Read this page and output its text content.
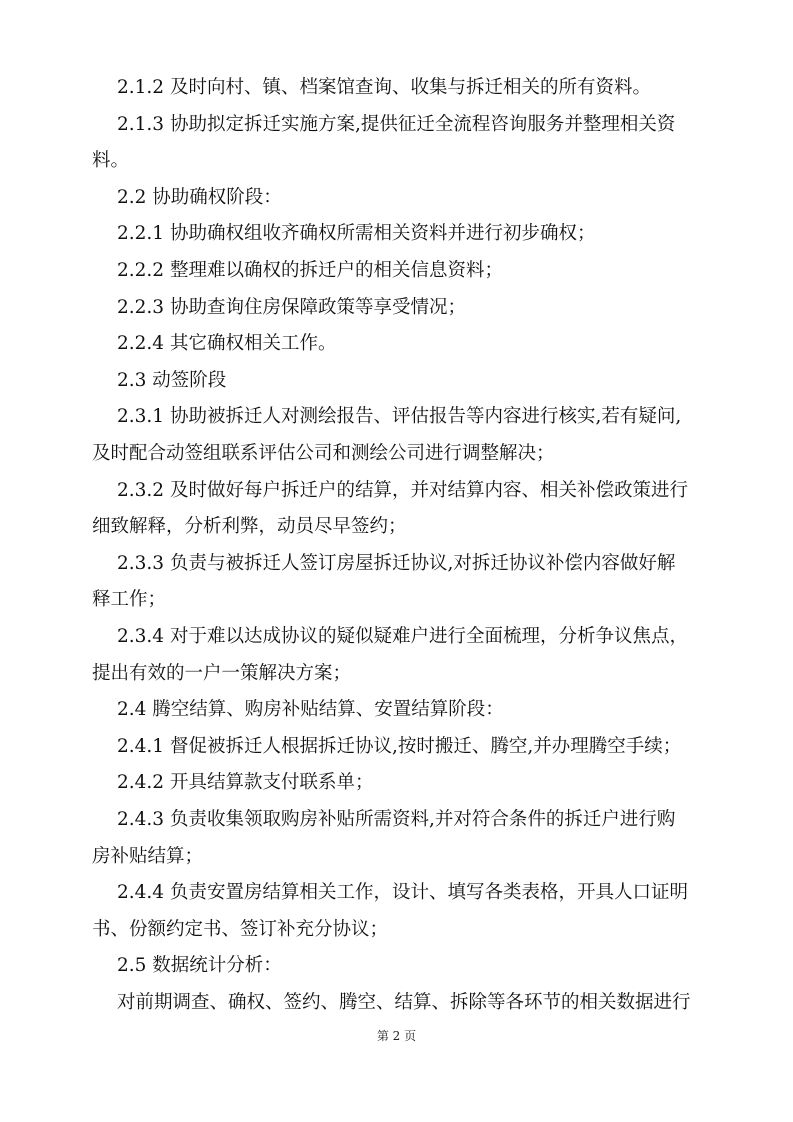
2.1.2 及时向村、镇、档案馆查询、收集与拆迁相关的所有资料。
2.1.3 协助拟定拆迁实施方案,提供征迁全流程咨询服务并整理相关资
料。
2.2 协助确权阶段：
2.2.1 协助确权组收齐确权所需相关资料并进行初步确权；
2.2.2 整理难以确权的拆迁户的相关信息资料；
2.2.3 协助查询住房保障政策等享受情况；
2.2.4 其它确权相关工作。
2.3 动签阶段
2.3.1 协助被拆迁人对测绘报告、评估报告等内容进行核实,若有疑问,
及时配合动签组联系评估公司和测绘公司进行调整解决；
2.3.2 及时做好每户拆迁户的结算，并对结算内容、相关补偿政策进行
细致解释，分析利弊，动员尽早签约；
2.3.3 负责与被拆迁人签订房屋拆迁协议,对拆迁协议补偿内容做好解
释工作；
2.3.4 对于难以达成协议的疑似疑难户进行全面梳理，分析争议焦点，
提出有效的一户一策解决方案；
2.4 腾空结算、购房补贴结算、安置结算阶段：
2.4.1 督促被拆迁人根据拆迁协议,按时搬迁、腾空,并办理腾空手续；
2.4.2 开具结算款支付联系单；
2.4.3 负责收集领取购房补贴所需资料,并对符合条件的拆迁户进行购
房补贴结算；
2.4.4 负责安置房结算相关工作，设计、填写各类表格，开具人口证明
书、份额约定书、签订补充分协议；
2.5 数据统计分析：
对前期调查、确权、签约、腾空、结算、拆除等各环节的相关数据进行
第 2 页
